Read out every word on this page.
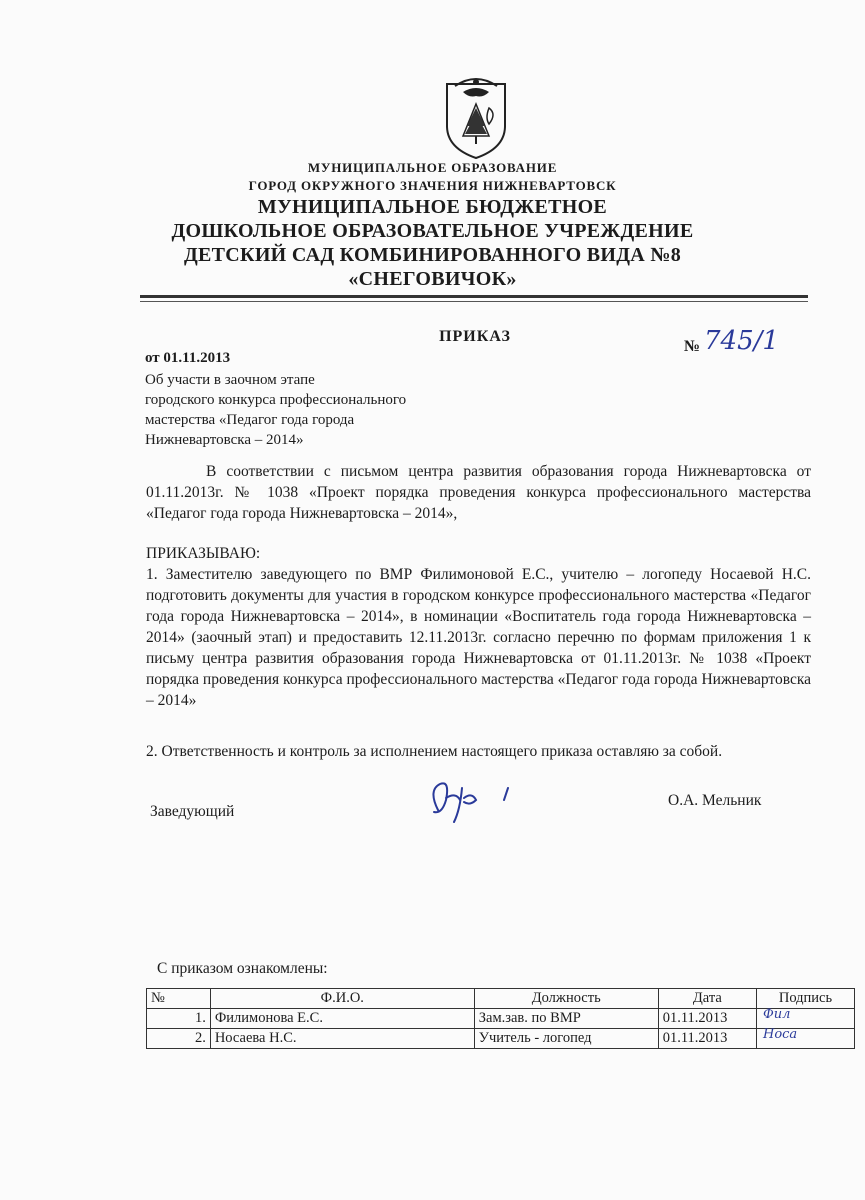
МУНИЦИПАЛЬНОЕ ОБРАЗОВАНИЕ
ГОРОД ОКРУЖНОГО ЗНАЧЕНИЯ НИЖНЕВАРТОВСК
МУНИЦИПАЛЬНОЕ БЮДЖЕТНОЕ
ДОШКОЛЬНОЕ ОБРАЗОВАТЕЛЬНОЕ УЧРЕЖДЕНИЕ
ДЕТСКИЙ САД КОМБИНИРОВАННОГО ВИДА №8
«СНЕГОВИЧОК»
ПРИКАЗ
от 01.11.2013
№ 745/1
Об участи в заочном этапе
городского конкурса профессионального
мастерства «Педагог года города
Нижневартовска – 2014»
В соответствии с письмом центра развития образования города Нижневартовска от 01.11.2013г. № 1038 «Проект порядка проведения конкурса профессионального мастерства «Педагог года города Нижневартовска – 2014»,
ПРИКАЗЫВАЮ:
1. Заместителю заведующего по ВМР Филимоновой Е.С., учителю – логопеду Носаевой Н.С. подготовить документы для участия в городском конкурсе профессионального мастерства «Педагог года города Нижневартовска – 2014», в номинации «Воспитатель года города Нижневартовска – 2014» (заочный этап) и предоставить 12.11.2013г. согласно перечню по формам приложения 1 к письму центра развития образования города Нижневартовска от 01.11.2013г. № 1038 «Проект порядка проведения конкурса профессионального мастерства «Педагог года города Нижневартовска – 2014»
2. Ответственность и контроль за исполнением настоящего приказа оставляю за собой.
Заведующий
О.А. Мельник
С приказом ознакомлены:
№	Ф.И.О.	Должность	Дата	Подпись
1.	Филимонова Е.С.	Зам.зав. по ВМР	01.11.2013	Фил

2.	Носаева Н.С.	Учитель - логопед	01.11.2013	Носа
